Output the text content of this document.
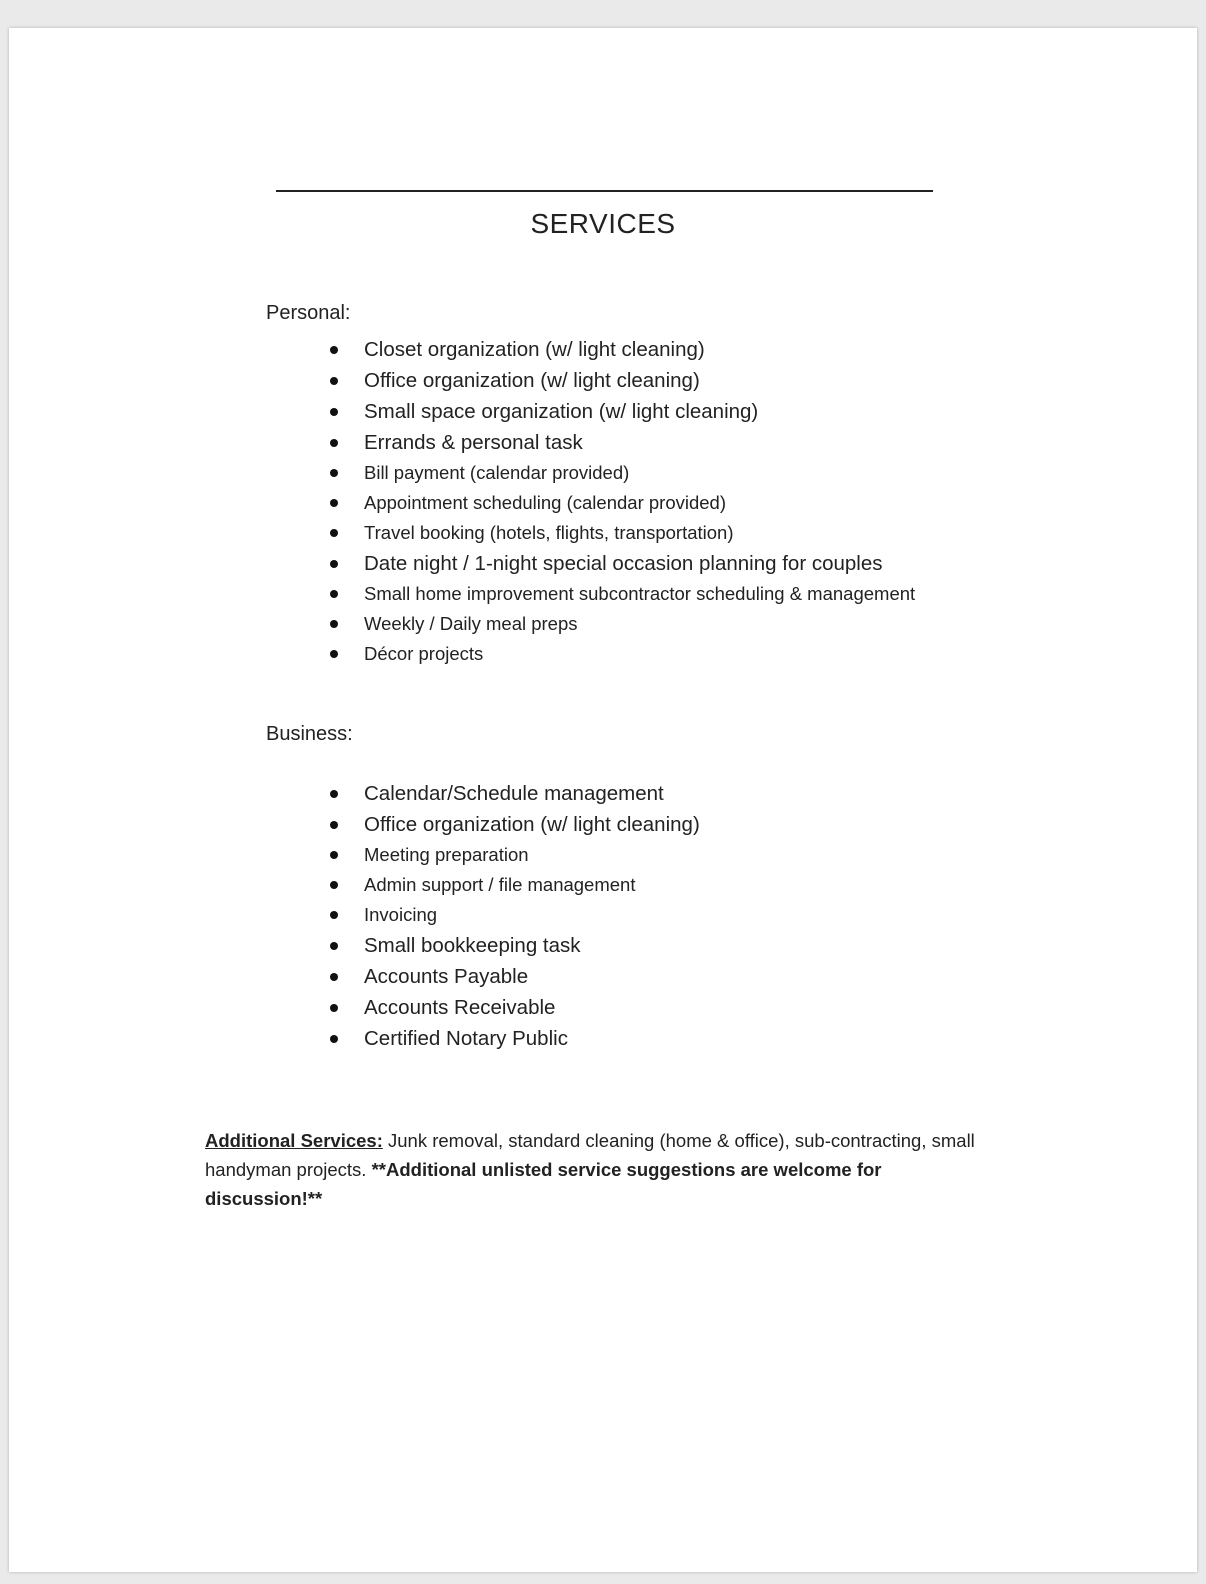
SERVICES
Personal:
Closet organization (w/ light cleaning)
Office organization (w/ light cleaning)
Small space organization (w/ light cleaning)
Errands & personal task
Bill payment (calendar provided)
Appointment scheduling (calendar provided)
Travel booking (hotels, flights, transportation)
Date night / 1-night special occasion planning for couples
Small home improvement subcontractor scheduling & management
Weekly / Daily meal preps
Décor projects
Business:
Calendar/Schedule management
Office organization (w/ light cleaning)
Meeting preparation
Admin support / file management
Invoicing
Small bookkeeping task
Accounts Payable
Accounts Receivable
Certified Notary Public
Additional Services: Junk removal, standard cleaning (home & office), sub-contracting, small handyman projects. **Additional unlisted service suggestions are welcome for discussion!**
